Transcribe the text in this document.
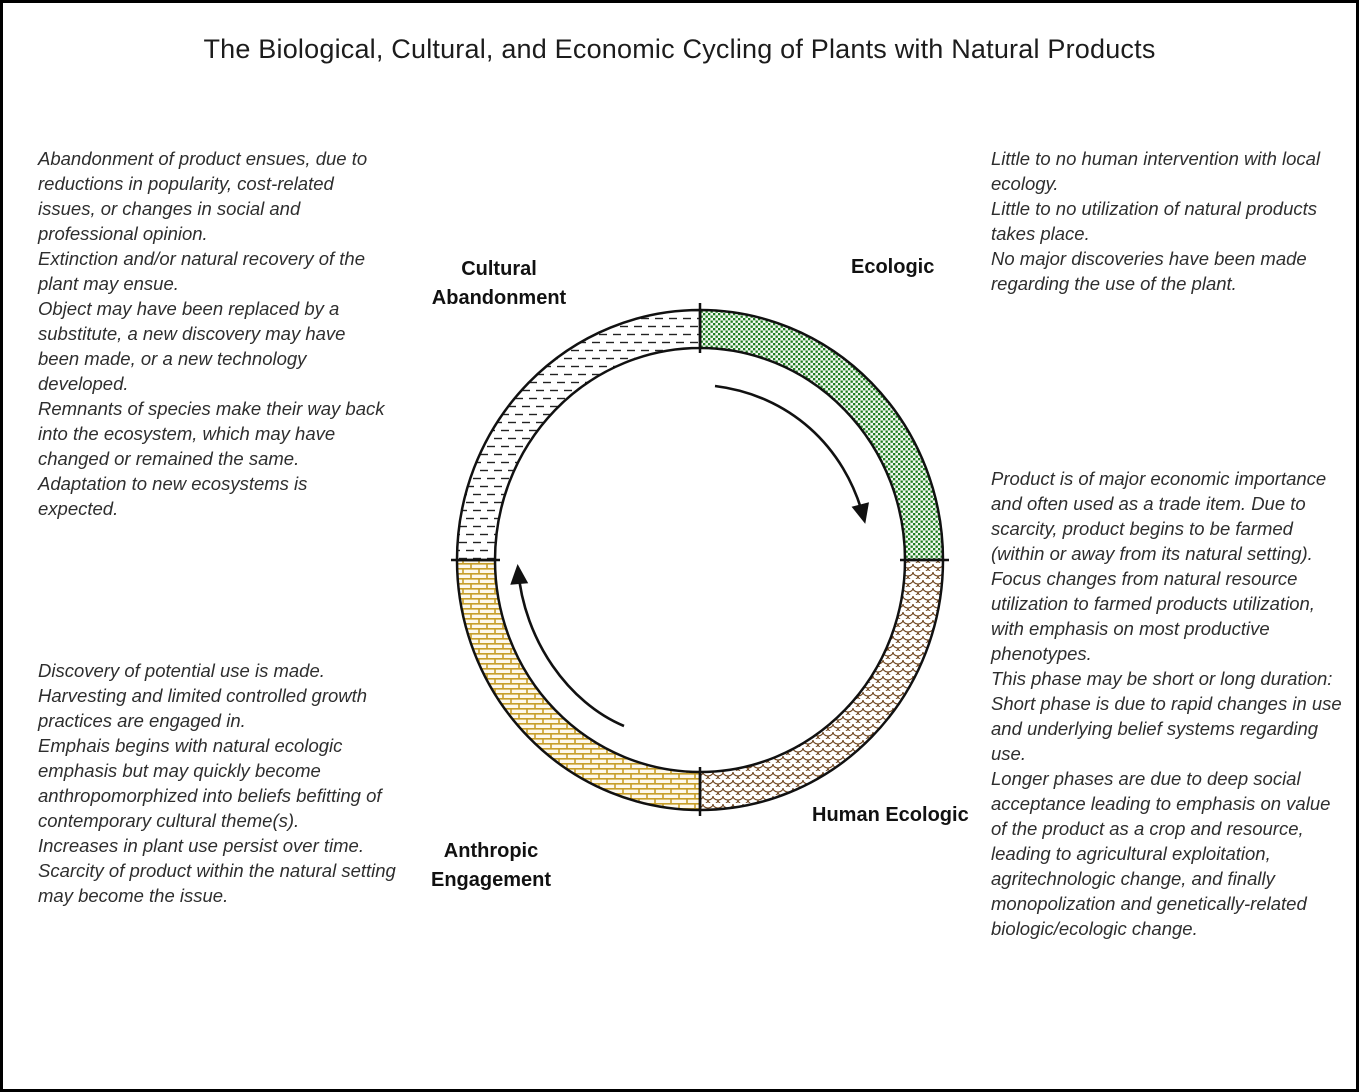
The Biological, Cultural, and Economic Cycling of Plants with Natural Products

Abandonment of product ensues, due to reductions in popularity, cost-related issues, or changes in social and professional opinion.

Extinction and/or natural recovery of the plant may ensue.

Object may have been replaced by a substitute, a new discovery may have been made, or a new technology developed.

Remnants of species make their way back into the ecosystem, which may have changed or remained the same.

Adaptation to new ecosystems is expected.

Little to no human intervention with local ecology.

Little to no utilization of natural products takes place.

No major discoveries have been made regarding the use of the plant.

Product is of major economic importance and often used as a trade item. Due to scarcity, product begins to be farmed (within or away from its natural setting).

Focus changes from natural resource utilization to farmed products utilization, with emphasis on most productive phenotypes.

This phase may be short or long duration: Short phase is due to rapid changes in use and underlying belief systems regarding use.

Longer phases are due to deep social acceptance leading to emphasis on value of the product as a crop and resource, leading to agricultural exploitation, agritechnologic change, and finally monopolization and genetically-related biologic/ecologic change.

Discovery of potential use is made.

Harvesting and limited controlled growth practices are engaged in.

Emphais begins with natural ecologic emphasis but may quickly become anthropomorphized into beliefs befitting of contemporary cultural theme(s).

Increases in plant use persist over time.

Scarcity of product within the natural setting may become the issue.

Cultural Abandonment
Ecologic
Human Ecologic
Anthropic Engagement
